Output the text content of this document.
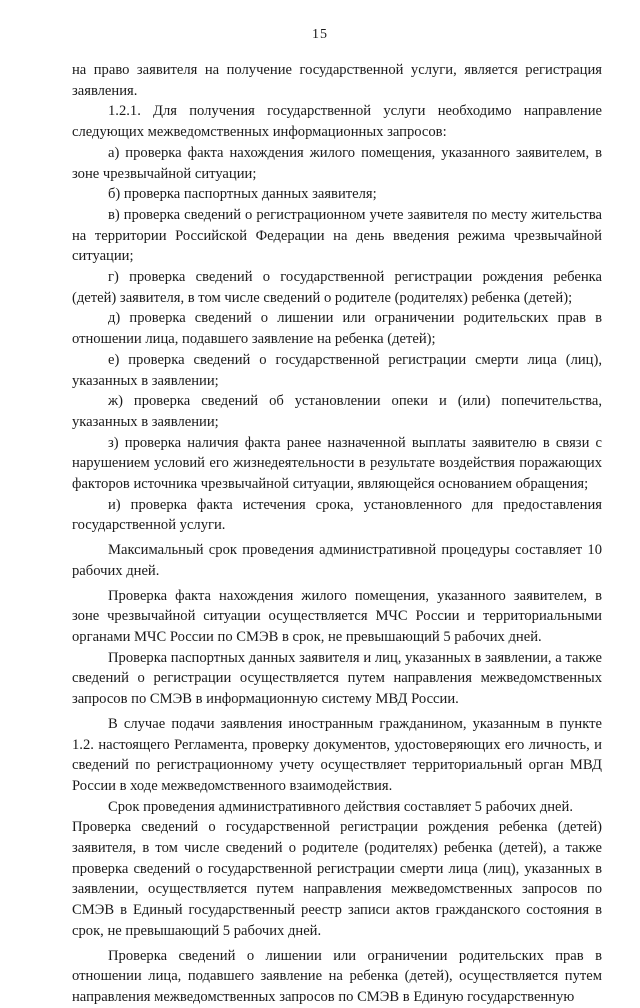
15

на право заявителя на получение государственной услуги, является регистрация заявления.

1.2.1. Для получения государственной услуги необходимо направление следующих межведомственных информационных запросов:

а) проверка факта нахождения жилого помещения, указанного заявителем, в зоне чрезвычайной ситуации;

б) проверка паспортных данных заявителя;

в) проверка сведений о регистрационном учете заявителя по месту жительства на территории Российской Федерации на день введения режима чрезвычайной ситуации;

г) проверка сведений о государственной регистрации рождения ребенка (детей) заявителя, в том числе сведений о родителе (родителях) ребенка (детей);

д) проверка сведений о лишении или ограничении родительских прав в отношении лица, подавшего заявление на ребенка (детей);

е) проверка сведений о государственной регистрации смерти лица (лиц), указанных в заявлении;

ж) проверка сведений об установлении опеки и (или) попечительства, указанных в заявлении;

з) проверка наличия факта ранее назначенной выплаты заявителю в связи с нарушением условий его жизнедеятельности в результате воздействия поражающих факторов источника чрезвычайной ситуации, являющейся основанием обращения;

и) проверка факта истечения срока, установленного для предоставления государственной услуги.

Максимальный срок проведения административной процедуры составляет 10 рабочих дней.

Проверка факта нахождения жилого помещения, указанного заявителем, в зоне чрезвычайной ситуации осуществляется МЧС России и территориальными органами МЧС России по СМЭВ в срок, не превышающий 5 рабочих дней.

Проверка паспортных данных заявителя и лиц, указанных в заявлении, а также сведений о регистрации осуществляется путем направления межведомственных запросов по СМЭВ в информационную систему МВД России.

В случае подачи заявления иностранным гражданином, указанным в пункте 1.2. настоящего Регламента, проверку документов, удостоверяющих его личность, и сведений по регистрационному учету осуществляет территориальный орган МВД России в ходе межведомственного взаимодействия.

Срок проведения административного действия составляет 5 рабочих дней.

Проверка сведений о государственной регистрации рождения ребенка (детей) заявителя, в том числе сведений о родителе (родителях) ребенка (детей), а также проверка сведений о государственной регистрации смерти лица (лиц), указанных в заявлении, осуществляется путем направления межведомственных запросов по СМЭВ в Единый государственный реестр записи актов гражданского состояния в срок, не превышающий 5 рабочих дней.

Проверка сведений о лишении или ограничении родительских прав в отношении лица, подавшего заявление на ребенка (детей), осуществляется путем направления межведомственных запросов по СМЭВ в Единую государственную
